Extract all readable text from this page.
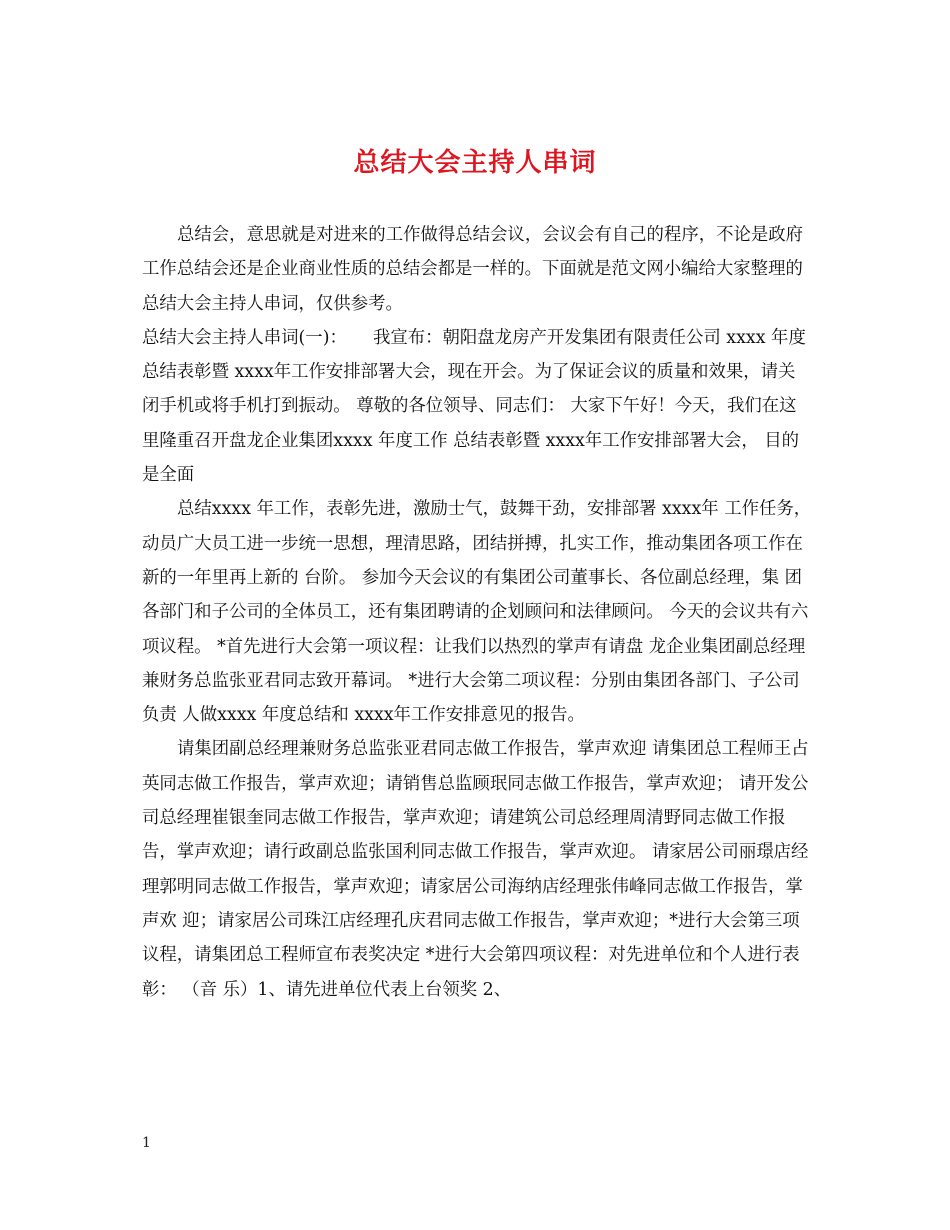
总结大会主持人串词

总结会，意思就是对进来的工作做得总结会议，会议会有自己的程序，不论是政府工作总结会还是企业商业性质的总结会都是一样的。下面就是范文网小编给大家整理的总结大会主持人串词，仅供参考。

总结大会主持人串词(一)：　　我宣布：朝阳盘龙房产开发集团有限责任公司 xxxx 年度 总结表彰暨 xxxx年工作安排部署大会，现在开会。为了保证会议的质量和效果，请关闭手机或将手机打到振动。 尊敬的各位领导、同志们： 大家下午好！今天，我们在这里隆重召开盘龙企业集团xxxx 年度工作 总结表彰暨 xxxx年工作安排部署大会， 目的是全面

总结xxxx 年工作，表彰先进，激励士气，鼓舞干劲，安排部署 xxxx年 工作任务，动员广大员工进一步统一思想，理清思路，团结拼搏，扎实工作，推动集团各项工作在新的一年里再上新的 台阶。 参加今天会议的有集团公司董事长、各位副总经理，集 团各部门和子公司的全体员工，还有集团聘请的企划顾问和法律顾问。 今天的会议共有六项议程。 *首先进行大会第一项议程：让我们以热烈的掌声有请盘 龙企业集团副总经理兼财务总监张亚君同志致开幕词。 *进行大会第二项议程：分别由集团各部门、子公司负责 人做xxxx 年度总结和 xxxx年工作安排意见的报告。

请集团副总经理兼财务总监张亚君同志做工作报告，掌声欢迎 请集团总工程师王占英同志做工作报告，掌声欢迎；请销售总监顾珉同志做工作报告，掌声欢迎； 请开发公司总经理崔银奎同志做工作报告，掌声欢迎；请建筑公司总经理周清野同志做工作报告，掌声欢迎；请行政副总监张国利同志做工作报告，掌声欢迎。 请家居公司丽璟店经理郭明同志做工作报告，掌声欢迎；请家居公司海纳店经理张伟峰同志做工作报告，掌声欢 迎；请家居公司珠江店经理孔庆君同志做工作报告，掌声欢迎；*进行大会第三项议程，请集团总工程师宣布表奖决定 *进行大会第四项议程：对先进单位和个人进行表彰： （音 乐）1、请先进单位代表上台领奖 2、

1
